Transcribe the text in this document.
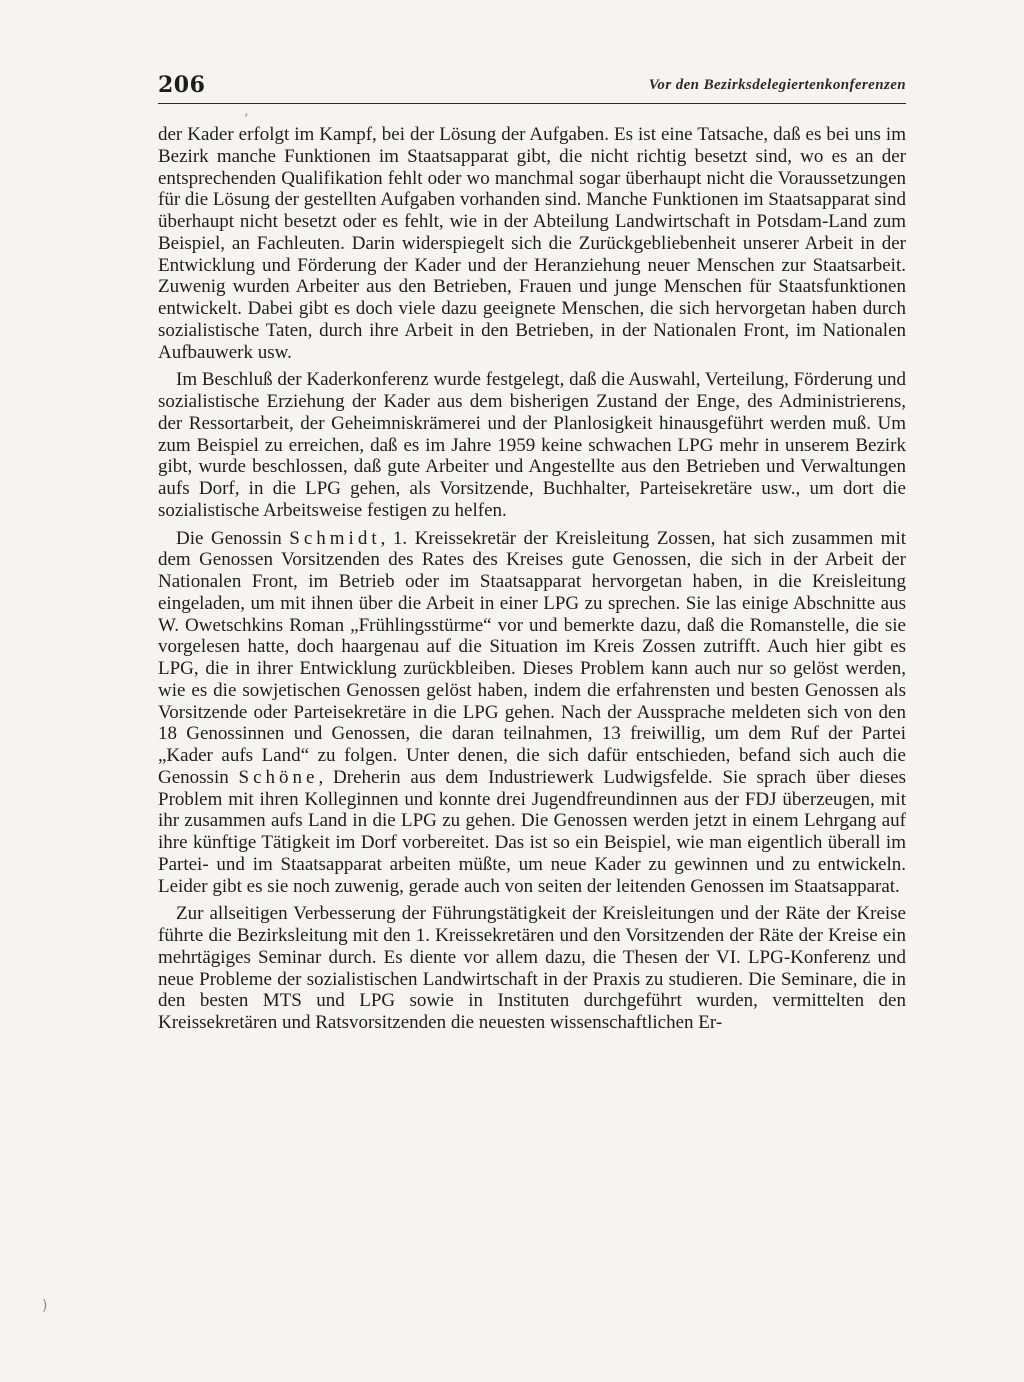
206	Vor den Bezirksdelegiertenkonferenzen

der Kader erfolgt im Kampf, bei der Lösung der Aufgaben. Es ist eine Tatsache, daß es bei uns im Bezirk manche Funktionen im Staatsapparat gibt, die nicht richtig besetzt sind, wo es an der entsprechenden Qualifikation fehlt oder wo manchmal sogar überhaupt nicht die Voraussetzungen für die Lösung der gestellten Aufgaben vorhanden sind. Manche Funktionen im Staatsapparat sind überhaupt nicht besetzt oder es fehlt, wie in der Abteilung Landwirtschaft in Potsdam-Land zum Beispiel, an Fachleuten. Darin widerspiegelt sich die Zurückgebliebenheit unserer Arbeit in der Entwicklung und Förderung der Kader und der Heranziehung neuer Menschen zur Staatsarbeit. Zuwenig wurden Arbeiter aus den Betrieben, Frauen und junge Menschen für Staatsfunktionen entwickelt. Dabei gibt es doch viele dazu geeignete Menschen, die sich hervorgetan haben durch sozialistische Taten, durch ihre Arbeit in den Betrieben, in der Nationalen Front, im Nationalen Aufbauwerk usw.

Im Beschluß der Kaderkonferenz wurde festgelegt, daß die Auswahl, Verteilung, Förderung und sozialistische Erziehung der Kader aus dem bisherigen Zustand der Enge, des Administrierens, der Ressortarbeit, der Geheimniskrämerei und der Planlosigkeit hinausgeführt werden muß. Um zum Beispiel zu erreichen, daß es im Jahre 1959 keine schwachen LPG mehr in unserem Bezirk gibt, wurde beschlossen, daß gute Arbeiter und Angestellte aus den Betrieben und Verwaltungen aufs Dorf, in die LPG gehen, als Vorsitzende, Buchhalter, Parteisekretäre usw., um dort die sozialistische Arbeitsweise festigen zu helfen.

Die Genossin Schmidt, 1. Kreissekretär der Kreisleitung Zossen, hat sich zusammen mit dem Genossen Vorsitzenden des Rates des Kreises gute Genossen, die sich in der Arbeit der Nationalen Front, im Betrieb oder im Staatsapparat hervorgetan haben, in die Kreisleitung eingeladen, um mit ihnen über die Arbeit in einer LPG zu sprechen. Sie las einige Abschnitte aus W. Owetschkins Roman „Frühlingsstürme“ vor und bemerkte dazu, daß die Romanstelle, die sie vorgelesen hatte, doch haargenau auf die Situation im Kreis Zossen zutrifft. Auch hier gibt es LPG, die in ihrer Entwicklung zurückbleiben. Dieses Problem kann auch nur so gelöst werden, wie es die sowjetischen Genossen gelöst haben, indem die erfahrensten und besten Genossen als Vorsitzende oder Parteisekretäre in die LPG gehen. Nach der Aussprache meldeten sich von den 18 Genossinnen und Genossen, die daran teilnahmen, 13 freiwillig, um dem Ruf der Partei „Kader aufs Land“ zu folgen. Unter denen, die sich dafür entschieden, befand sich auch die Genossin Schöne, Dreherin aus dem Industriewerk Ludwigsfelde. Sie sprach über dieses Problem mit ihren Kolleginnen und konnte drei Jugendfreundinnen aus der FDJ überzeugen, mit ihr zusammen aufs Land in die LPG zu gehen. Die Genossen werden jetzt in einem Lehrgang auf ihre künftige Tätigkeit im Dorf vorbereitet. Das ist so ein Beispiel, wie man eigentlich überall im Partei- und im Staatsapparat arbeiten müßte, um neue Kader zu gewinnen und zu entwickeln. Leider gibt es sie noch zuwenig, gerade auch von seiten der leitenden Genossen im Staatsapparat.

Zur allseitigen Verbesserung der Führungstätigkeit der Kreisleitungen und der Räte der Kreise führte die Bezirksleitung mit den 1. Kreissekretären und den Vorsitzenden der Räte der Kreise ein mehrtägiges Seminar durch. Es diente vor allem dazu, die Thesen der VI. LPG-Konferenz und neue Probleme der sozialistischen Landwirtschaft in der Praxis zu studieren. Die Seminare, die in den besten MTS und LPG sowie in Instituten durchgeführt wurden, vermittelten den Kreissekretären und Ratsvorsitzenden die neuesten wissenschaftlichen Er-

’
)
